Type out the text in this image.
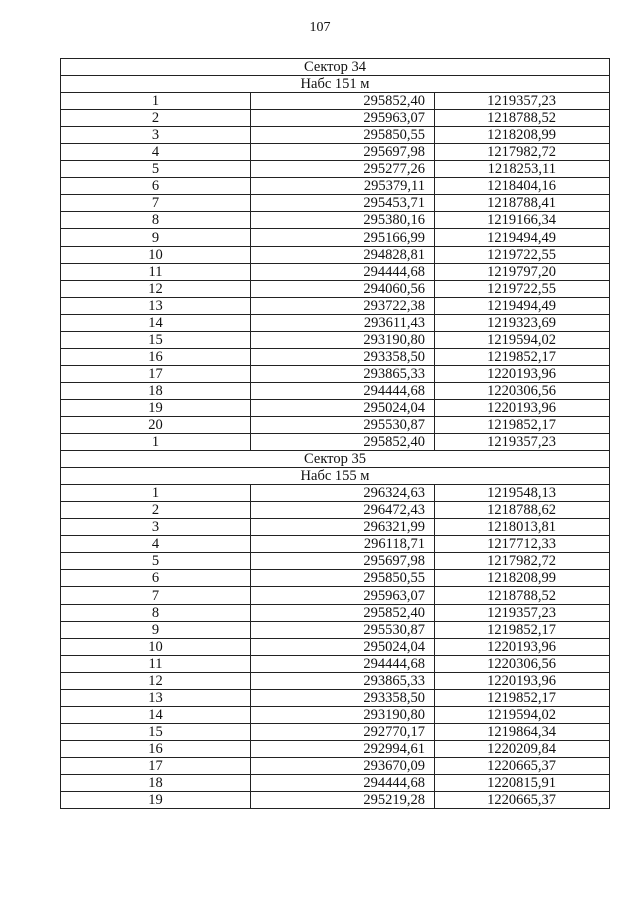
107
Сектор 34		
Набс 151 м		
1	295852,40	1219357,23
2	295963,07	1218788,52
3	295850,55	1218208,99
4	295697,98	1217982,72
5	295277,26	1218253,11
6	295379,11	1218404,16
7	295453,71	1218788,41
8	295380,16	1219166,34
9	295166,99	1219494,49
10	294828,81	1219722,55
11	294444,68	1219797,20
12	294060,56	1219722,55
13	293722,38	1219494,49
14	293611,43	1219323,69
15	293190,80	1219594,02
16	293358,50	1219852,17
17	293865,33	1220193,96
18	294444,68	1220306,56
19	295024,04	1220193,96
20	295530,87	1219852,17
1	295852,40	1219357,23
Сектор 35		
Набс 155 м		
1	296324,63	1219548,13
2	296472,43	1218788,62
3	296321,99	1218013,81
4	296118,71	1217712,33
5	295697,98	1217982,72
6	295850,55	1218208,99
7	295963,07	1218788,52
8	295852,40	1219357,23
9	295530,87	1219852,17
10	295024,04	1220193,96
11	294444,68	1220306,56
12	293865,33	1220193,96
13	293358,50	1219852,17
14	293190,80	1219594,02
15	292770,17	1219864,34
16	292994,61	1220209,84
17	293670,09	1220665,37
18	294444,68	1220815,91
19	295219,28	1220665,37
